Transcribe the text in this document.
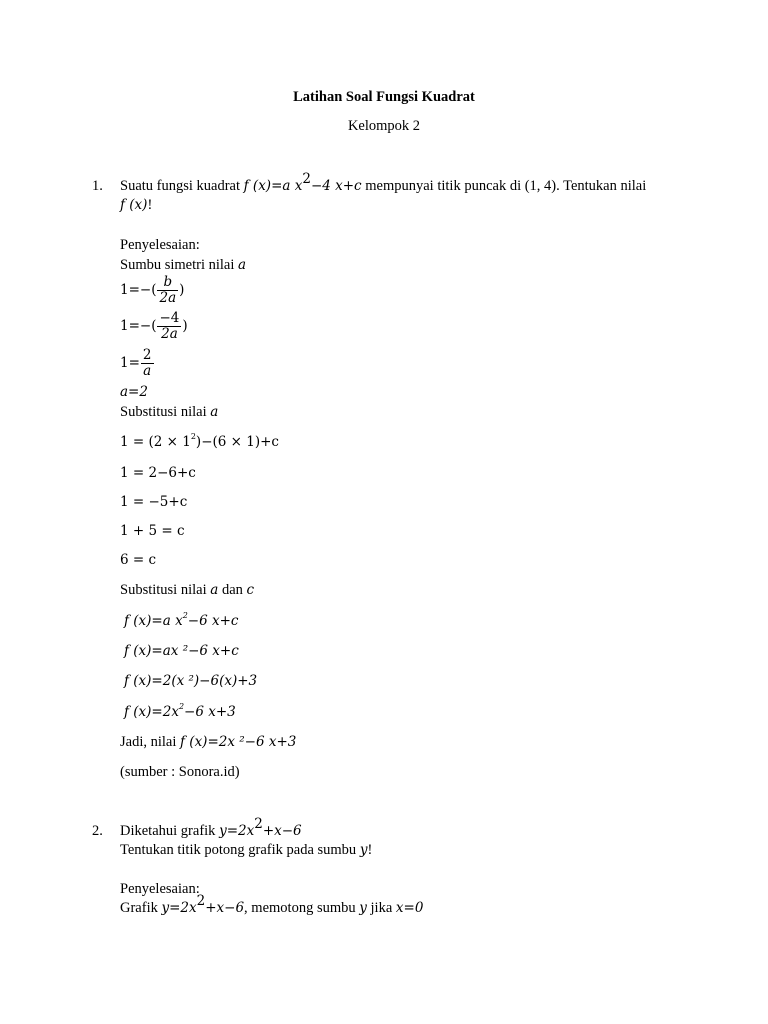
Latihan Soal Fungsi Kuadrat
Kelompok 2
1. Suatu fungsi kuadrat f (x)=a $x^2-4$ x+c mempunyai titik puncak di (1, 4). Tentukan nilai
f (x)!
Penyelesaian:
Sumbu simetri nilai a
$1=-( \frac{b}{2a}$ )
$1=-( \frac{-4}{2a}$ )
$1= \frac{2}{a}$
a=2
Substitusi nilai a
$1 = (2 \times 1^2)-(6 \times 1)+c$
1 = 2−6+c
1 = −5+c
1 + 5 = c
6 = c
Substitusi nilai a dan c
f (x)=a $x^2-6$ x+c
f (x)=ax ²−6 x+c
f (x)=2(x ²)−6(x)+3
f $(x)=2x^2-6$ x+3
Jadi, nilai f (x)=2x ²−6 x+3
(sumber : Sonora.id)
2. Diketahui grafik $y=2x^2+x-6$
Tentukan titik potong grafik pada sumbu y!
Penyelesaian:
Grafik $y=2x^2+x-6$, memotong sumbu y jika x=0
